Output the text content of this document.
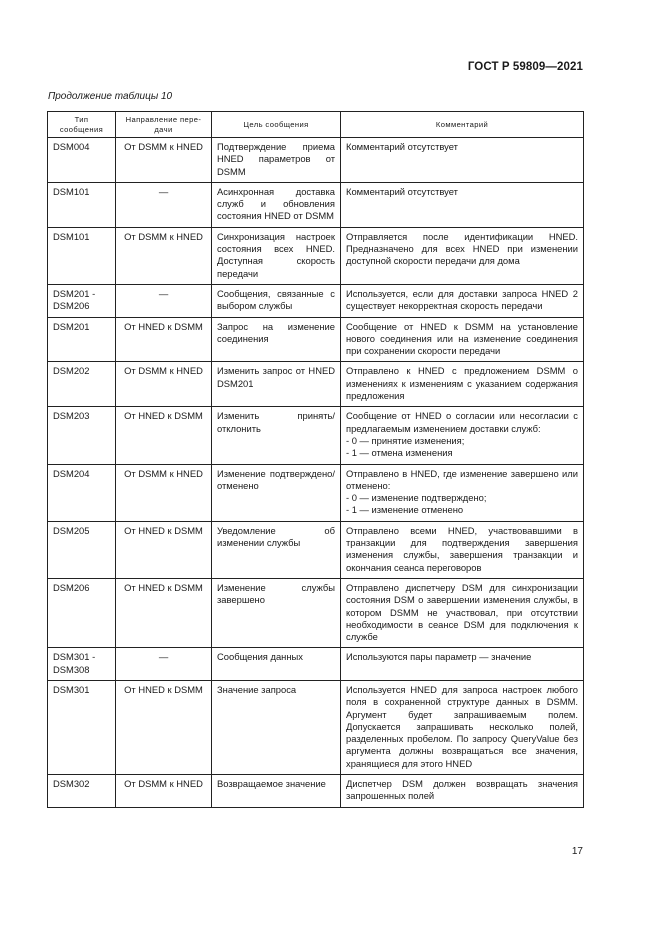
ГОСТ Р 59809—2021
Продолжение таблицы 10
Тип сообщения	Направление пере-дачи	Цель сообщения	Комментарий
DSM004	От DSMM к HNED	Подтверждение приема HNED параметров от DSMM	Комментарий отсутствует

DSM101	—	Асинхронная доставка служб и обновления состояния HNED от DSMM	Комментарий отсутствует

DSM101	От DSMM к HNED	Синхронизация настроек состояния всех HNED. Доступная скорость передачи	Отправляется после идентификации HNED. Предназначено для всех HNED при изменении доступной скорости передачи для дома

DSM201 - DSM206	—	Сообщения, связанные с выбором службы	Используется, если для доставки запроса HNED 2 существует некорректная скорость передачи

DSM201	От HNED к DSMM	Запрос на изменение соединения	Сообщение от HNED к DSMM на установление нового соединения или на изменение соединения при сохранении скорости передачи

DSM202	От DSMM к HNED	Изменить запрос от HNED DSM201	Отправлено к HNED с предложением DSMM о изменениях к изменениям с указанием содержания предложения

DSM203	От HNED к DSMM	Изменить принять/отклонить	Сообщение от HNED о согласии или несогласии с предлагаемым изменением доставки служб:
- 0 — принятие изменения;
- 1 — отмена изменения

DSM204	От DSMM к HNED	Изменение подтверждено/отменено	Отправлено в HNED, где изменение завершено или отменено:
- 0 — изменение подтверждено;
- 1 — изменение отменено

DSM205	От HNED к DSMM	Уведомление об изменении службы	Отправлено всеми HNED, участвовавшими в транзакции для подтверждения завершения изменения службы, завершения транзакции и окончания сеанса переговоров

DSM206	От HNED к DSMM	Изменение службы завершено	Отправлено диспетчеру DSM для синхронизации состояния DSM о завершении изменения службы, в котором DSMM не участвовал, при отсутствии необходимости в сеансе DSM для подключения к службе

DSM301 - DSM308	—	Сообщения данных	Используются пары параметр — значение

DSM301	От HNED к DSMM	Значение запроса	Используется HNED для запроса настроек любого поля в сохраненной структуре данных в DSMM. Аргумент будет запрашиваемым полем. Допускается запрашивать несколько полей, разделенных пробелом. По запросу QueryValue без аргумента должны возвращаться все значения, хранящиеся для этого HNED

DSM302	От DSMM к HNED	Возвращаемое значение	Диспетчер DSM должен возвращать значения запрошенных полей
17
